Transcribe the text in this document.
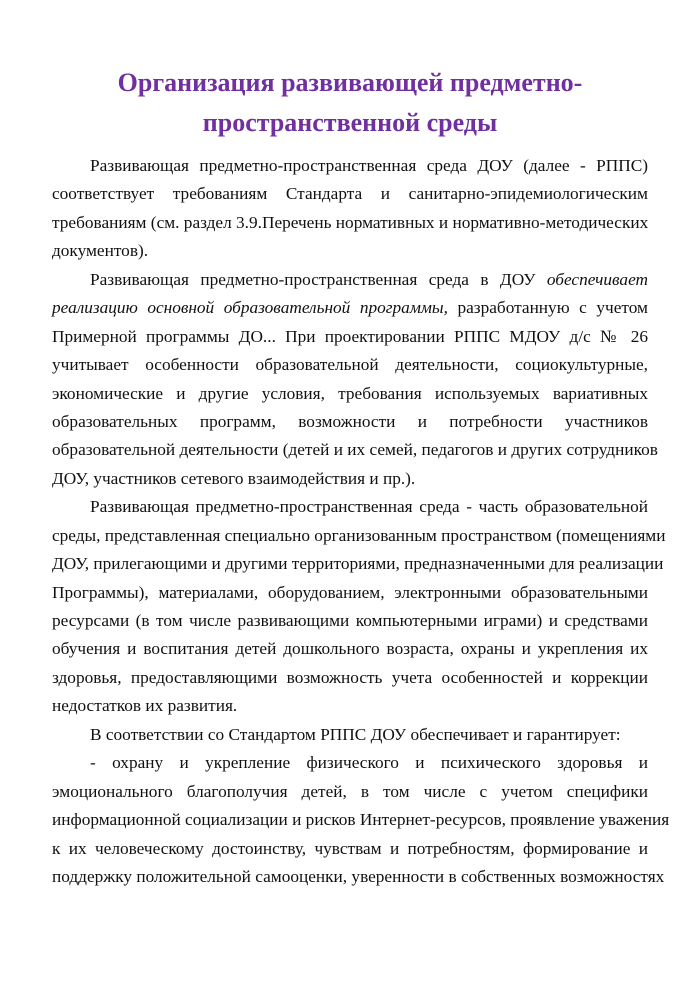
Организация развивающей предметно-
пространственной среды
Развивающая предметно-пространственная среда ДОУ (далее - РППС)
соответствует требованиям Стандарта и санитарно-эпидемиологическим
требованиям (см. раздел 3.9.Перечень нормативных и нормативно-методических
документов).
Развивающая предметно-пространственная среда в ДОУ обеспечивает
реализацию основной образовательной программы, разработанную с учетом
Примерной программы ДО... При проектировании РППС МДОУ д/с № 26
учитывает особенности образовательной деятельности, социокультурные,
экономические и другие условия, требования используемых вариативных
образовательных программ, возможности и потребности участников
образовательной деятельности (детей и их семей, педагогов и других сотрудников
ДОУ, участников сетевого взаимодействия и пр.).
Развивающая предметно-пространственная среда - часть образовательной
среды, представленная специально организованным пространством (помещениями
ДОУ, прилегающими и другими территориями, предназначенными для реализации
Программы), материалами, оборудованием, электронными образовательными
ресурсами (в том числе развивающими компьютерными играми) и средствами
обучения и воспитания детей дошкольного возраста, охраны и укрепления их
здоровья, предоставляющими возможность учета особенностей и коррекции
недостатков их развития.
В соответствии со Стандартом РППС ДОУ обеспечивает и гарантирует:
- охрану и укрепление физического и психического здоровья и
эмоционального благополучия детей, в том числе с учетом специфики
информационной социализации и рисков Интернет-ресурсов, проявление уважения
к их человеческому достоинству, чувствам и потребностям, формирование и
поддержку положительной самооценки, уверенности в собственных возможностях
